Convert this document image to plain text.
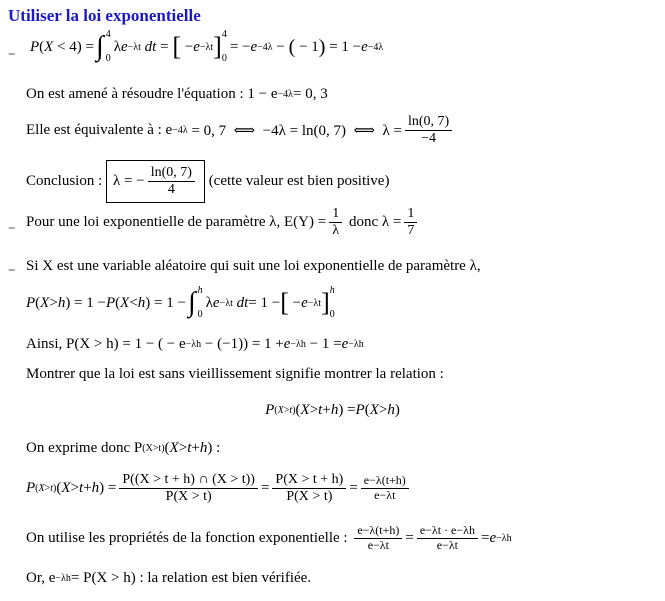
Utiliser la loi exponentielle
– P ( X < 4) = ∫ 4
0
λ e −λt
dt = [ − e −λt ] 4
0
= − e −4λ − ( − 1 ) = 1 − e −4λ
On est amené à résoudre l'équation : 1 − e −4λ = 0, 3
Elle est équivalente à : e −4λ = 0, 7  ⟺  −4λ = ln(0, 7)  ⟺  $\lambda = \frac{\ln(0, 7)}{-4}$
Conclusion :
λ = − $\frac{\ln(0, 7)}{4}$
(cette valeur est bien positive)
– Pour une loi exponentielle de paramètre λ, $E(Y) = \frac{1}{\lambda}$
donc $\lambda = \frac{1}{7}$
– Si X est une variable aléatoire qui suit une loi exponentielle de paramètre λ,
P ( X > h ) = 1 − P ( X < h ) = 1 − ∫ h
0
λ e −λt
dt = 1 − [ − e −λt ] h
0
Ainsi, P(X > h) = 1 − ( − e −λh − (−1)) = 1 + e −λh − 1 = e −λh
Montrer que la loi est sans vieillissement signifie montrer la relation :
P (X>t) ( X > t + h ) = P ( X > h )
On exprime donc P (X>t) ( X > t + h ) :
P (X>t) ( X > t + h ) = $\frac{P((X > t + h) \cap (X > t))}{P(X > t)} = \frac{P(X > t + h)}{P(X > t)} = \frac{e-\lambda(t+h)}{e-\lambda t}$
On utilise les propriétés de la fonction exponentielle :
$\frac{e-\lambda(t+h)}{e-\lambda t} = \frac{e-\lambda t \cdot e-\lambda h}{e-\lambda t} = e -\lambda h$
Or, e −λh = P(X > h) : la relation est bien vérifiée.
